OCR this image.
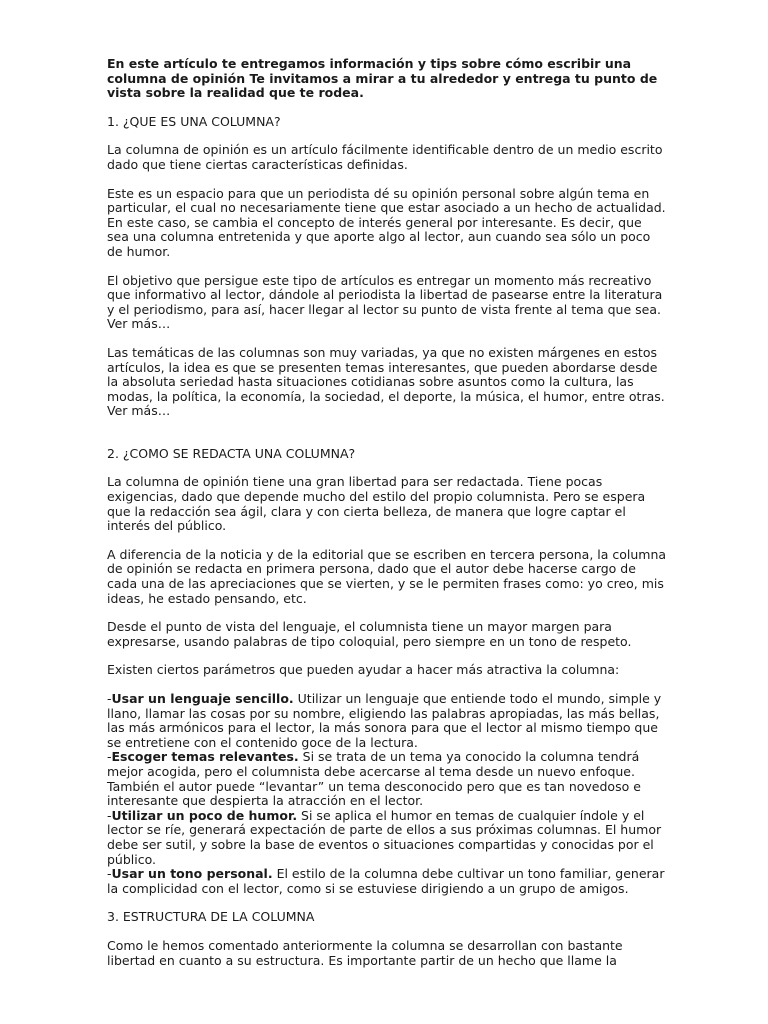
En este artículo te entregamos información y tips sobre cómo escribir una columna de opinión Te invitamos a mirar a tu alrededor y entrega tu punto de vista sobre la realidad que te rodea.

1. ¿QUE ES UNA COLUMNA?

La columna de opinión es un artículo fácilmente identificable dentro de un medio escrito dado que tiene ciertas características definidas.

Este es un espacio para que un periodista dé su opinión personal sobre algún tema en particular, el cual no necesariamente tiene que estar asociado a un hecho de actualidad. En este caso, se cambia el concepto de interés general por interesante. Es decir, que sea una columna entretenida y que aporte algo al lector, aun cuando sea sólo un poco de humor.

El objetivo que persigue este tipo de artículos es entregar un momento más recreativo que informativo al lector, dándole al periodista la libertad de pasearse entre la literatura y el periodismo, para así, hacer llegar al lector su punto de vista frente al tema que sea. Ver más…

Las temáticas de las columnas son muy variadas, ya que no existen márgenes en estos artículos, la idea es que se presenten temas interesantes, que pueden abordarse desde la absoluta seriedad hasta situaciones cotidianas sobre asuntos como la cultura, las modas, la política, la economía, la sociedad, el deporte, la música, el humor, entre otras. Ver más…

2. ¿COMO SE REDACTA UNA COLUMNA?

La columna de opinión tiene una gran libertad para ser redactada. Tiene pocas exigencias, dado que depende mucho del estilo del propio columnista. Pero se espera que la redacción sea ágil, clara y con cierta belleza, de manera que logre captar el interés del público.

A diferencia de la noticia y de la editorial que se escriben en tercera persona, la columna de opinión se redacta en primera persona, dado que el autor debe hacerse cargo de cada una de las apreciaciones que se vierten, y se le permiten frases como: yo creo, mis ideas, he estado pensando, etc.

Desde el punto de vista del lenguaje, el columnista tiene un mayor margen para expresarse, usando palabras de tipo coloquial, pero siempre en un tono de respeto.

Existen ciertos parámetros que pueden ayudar a hacer más atractiva la columna:

-Usar un lenguaje sencillo. Utilizar un lenguaje que entiende todo el mundo, simple y llano, llamar las cosas por su nombre, eligiendo las palabras apropiadas, las más bellas, las más armónicos para el lector, la más sonora para que el lector al mismo tiempo que se entretiene con el contenido goce de la lectura.

-Escoger temas relevantes. Si se trata de un tema ya conocido la columna tendrá mejor acogida, pero el columnista debe acercarse al tema desde un nuevo enfoque. También el autor puede “levantar” un tema desconocido pero que es tan novedoso e interesante que despierta la atracción en el lector.

-Utilizar un poco de humor. Si se aplica el humor en temas de cualquier índole y el lector se ríe, generará expectación de parte de ellos a sus próximas columnas. El humor debe ser sutil, y sobre la base de eventos o situaciones compartidas y conocidas por el público.

-Usar un tono personal. El estilo de la columna debe cultivar un tono familiar, generar la complicidad con el lector, como si se estuviese dirigiendo a un grupo de amigos.

3. ESTRUCTURA DE LA COLUMNA

Como le hemos comentado anteriormente la columna se desarrollan con bastante libertad en cuanto a su estructura. Es importante partir de un hecho que llame la
